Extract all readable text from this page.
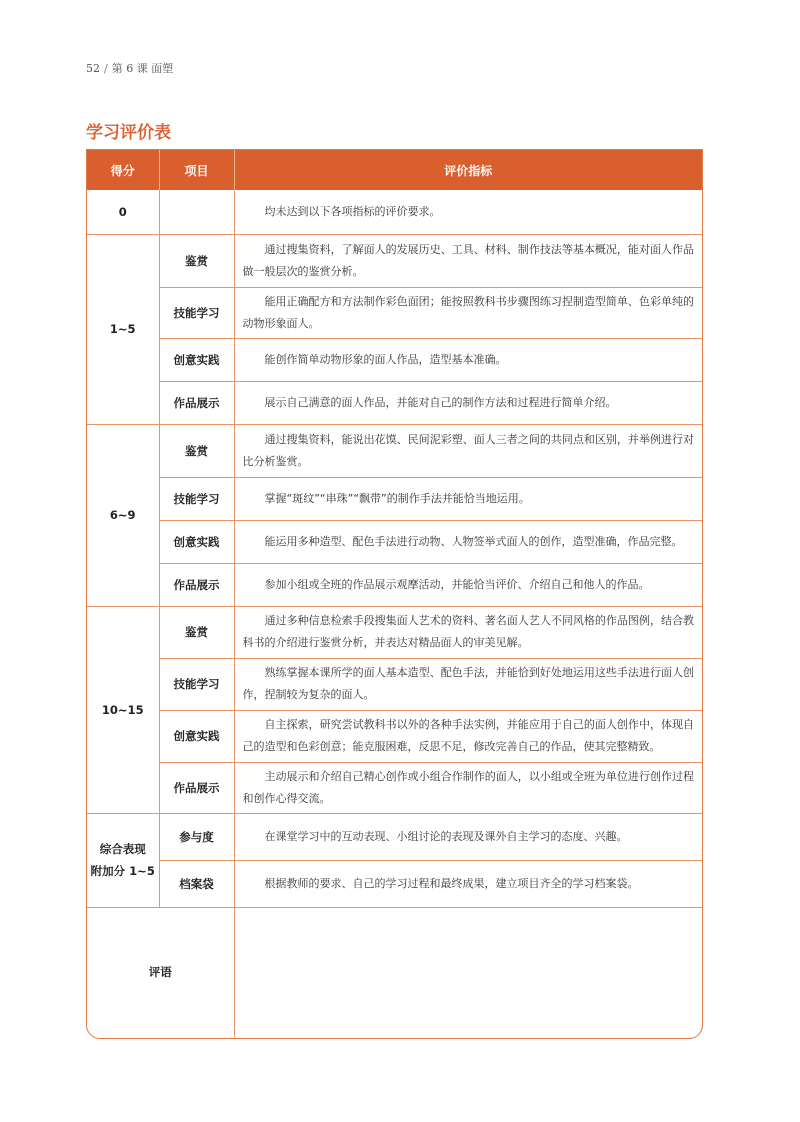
52 / 第 6 课 面塑
学习评价表
得分	项目	评价指标
0		均未达到以下各项指标的评价要求。
1~5	鉴赏	通过搜集资料，了解面人的发展历史、工具、材料、制作技法等基本概况，能对面人作品做一般层次的鉴赏分析。
	技能学习	能用正确配方和方法制作彩色面团；能按照教科书步骤图练习捏制造型简单、色彩单纯的动物形象面人。
	创意实践	能创作简单动物形象的面人作品，造型基本准确。
	作品展示	展示自己满意的面人作品，并能对自己的制作方法和过程进行简单介绍。
6~9	鉴赏	通过搜集资料，能说出花馍、民间泥彩塑、面人三者之间的共同点和区别，并举例进行对比分析鉴赏。
	技能学习	掌握“斑纹”“串珠”“飘带”的制作手法并能恰当地运用。
	创意实践	能运用多种造型、配色手法进行动物、人物签举式面人的创作，造型准确，作品完整。
	作品展示	参加小组或全班的作品展示观摩活动，并能恰当评价、介绍自己和他人的作品。
10~15	鉴赏	通过多种信息检索手段搜集面人艺术的资料、著名面人艺人不同风格的作品图例，结合教科书的介绍进行鉴赏分析，并表达对精品面人的审美见解。
	技能学习	熟练掌握本课所学的面人基本造型、配色手法，并能恰到好处地运用这些手法进行面人创作，捏制较为复杂的面人。
	创意实践	自主探索，研究尝试教科书以外的各种手法实例，并能应用于自己的面人创作中，体现自己的造型和色彩创意；能克服困难，反思不足，修改完善自己的作品，使其完整精致。
	作品展示	主动展示和介绍自己精心创作或小组合作制作的面人，以小组或全班为单位进行创作过程和创作心得交流。

综合表现
附加分 1~5	参与度	在课堂学习中的互动表现、小组讨论的表现及课外自主学习的态度、兴趣。
	档案袋	根据教师的要求、自己的学习过程和最终成果，建立项目齐全的学习档案袋。
评语		
